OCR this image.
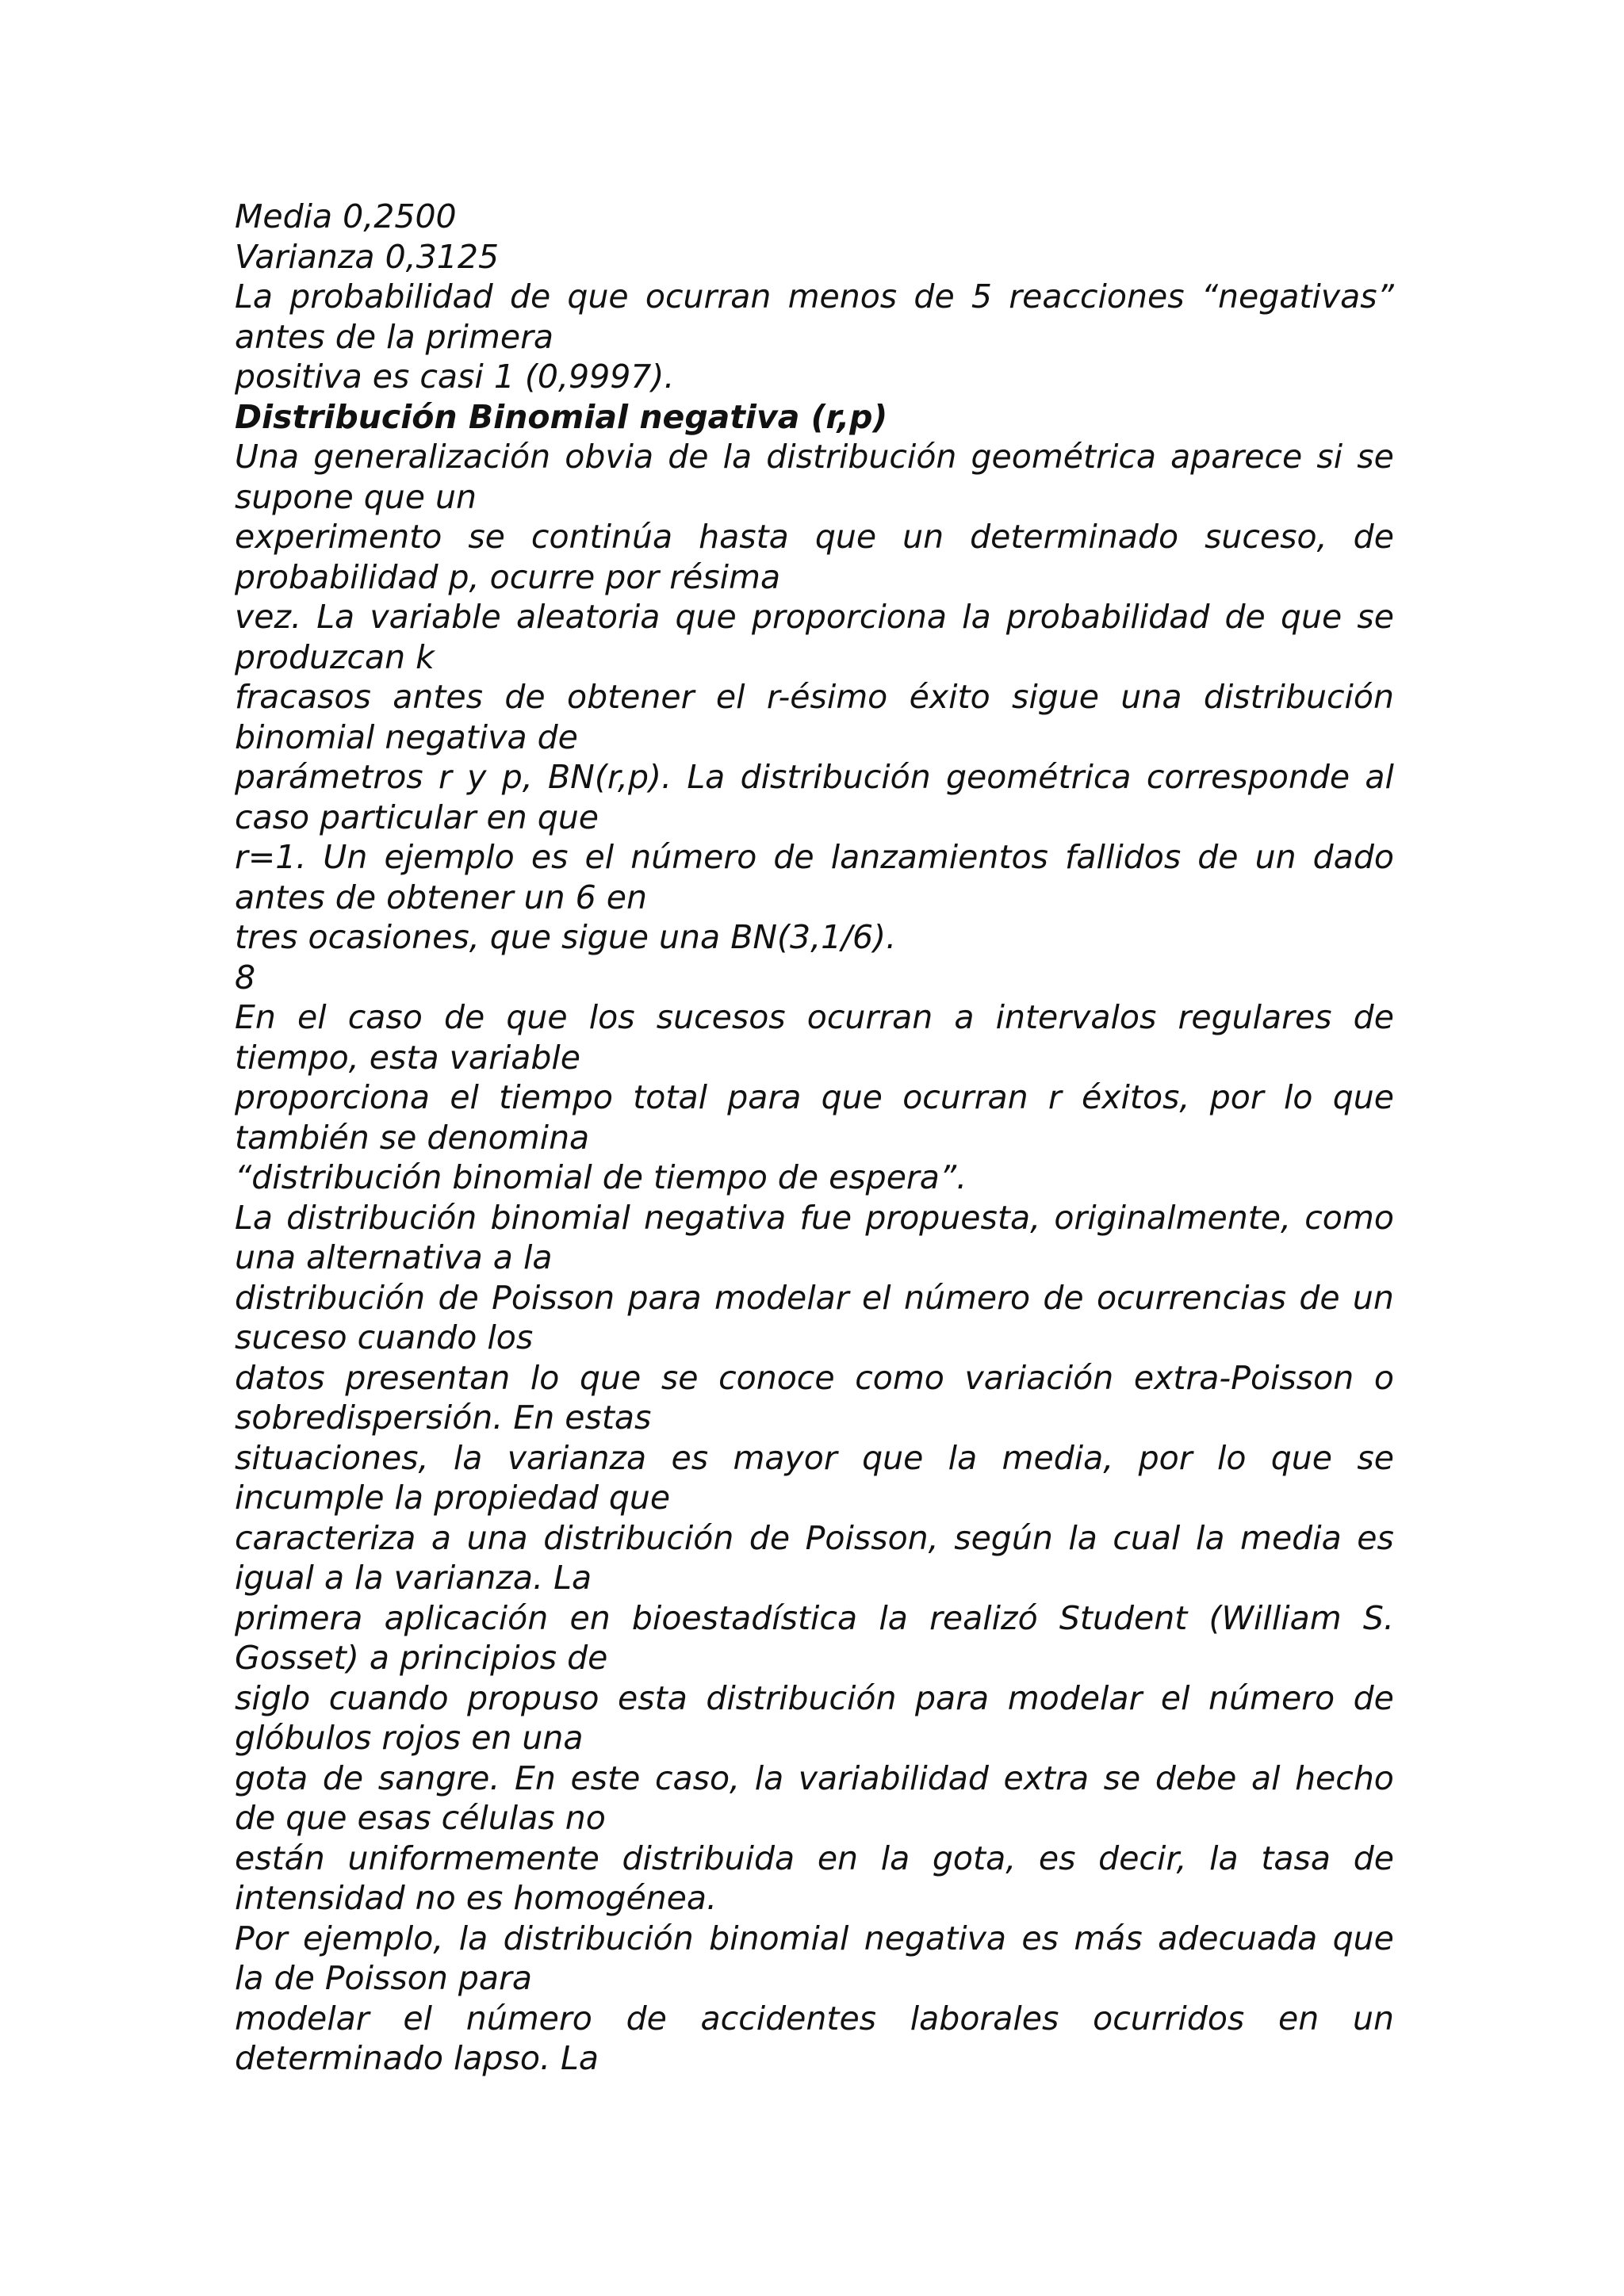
Media 0,2500
Varianza 0,3125
La probabilidad de que ocurran menos de 5 reacciones “negativas”
antes de la primera
positiva es casi 1 (0,9997).
Distribución Binomial negativa (r,p)
Una generalización obvia de la distribución geométrica aparece si se
supone que un
experimento se continúa hasta que un determinado suceso, de
probabilidad p, ocurre por résima
vez. La variable aleatoria que proporciona la probabilidad de que se
produzcan k
fracasos antes de obtener el r-ésimo éxito sigue una distribución
binomial negativa de
parámetros r y p, BN(r,p). La distribución geométrica corresponde al
caso particular en que
r=1. Un ejemplo es el número de lanzamientos fallidos de un dado
antes de obtener un 6 en
tres ocasiones, que sigue una BN(3,1/6).
8
En el caso de que los sucesos ocurran a intervalos regulares de
tiempo, esta variable
proporciona el tiempo total para que ocurran r éxitos, por lo que
también se denomina
“distribución binomial de tiempo de espera”.
La distribución binomial negativa fue propuesta, originalmente, como
una alternativa a la
distribución de Poisson para modelar el número de ocurrencias de un
suceso cuando los
datos presentan lo que se conoce como variación extra-Poisson o
sobredispersión. En estas
situaciones, la varianza es mayor que la media, por lo que se
incumple la propiedad que
caracteriza a una distribución de Poisson, según la cual la media es
igual a la varianza. La
primera aplicación en bioestadística la realizó Student (William S.
Gosset) a principios de
siglo cuando propuso esta distribución para modelar el número de
glóbulos rojos en una
gota de sangre. En este caso, la variabilidad extra se debe al hecho
de que esas células no
están uniformemente distribuida en la gota, es decir, la tasa de
intensidad no es homogénea.
Por ejemplo, la distribución binomial negativa es más adecuada que
la de Poisson para
modelar el número de accidentes laborales ocurridos en un
determinado lapso. La
